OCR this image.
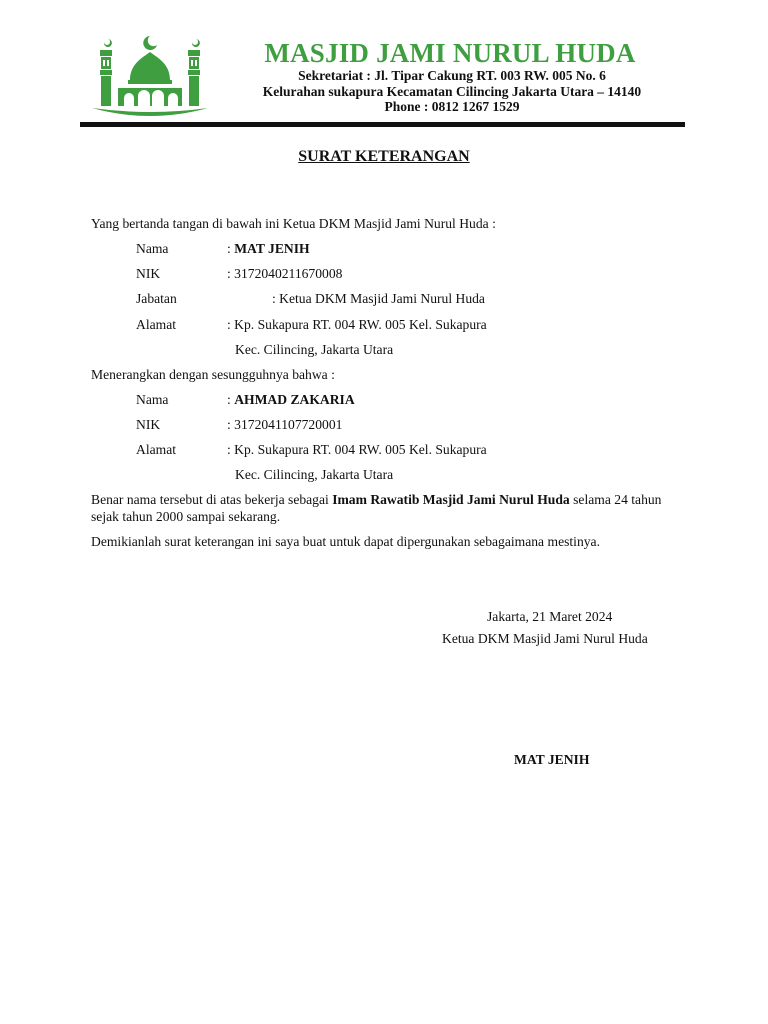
MASJID JAMI NURUL HUDA
Sekretariat : Jl. Tipar Cakung RT. 003 RW. 005 No. 6
Kelurahan sukapura Kecamatan Cilincing Jakarta Utara – 14140
Phone : 0812 1267 1529
SURAT KETERANGAN
Yang bertanda tangan di bawah ini Ketua DKM Masjid Jami Nurul Huda :
Nama	: MAT JENIH
NIK	: 3172040211670008
Jabatan	: Ketua DKM Masjid Jami Nurul Huda
Alamat	: Kp. Sukapura RT. 004 RW. 005 Kel. Sukapura
Kec. Cilincing, Jakarta Utara
Menerangkan dengan sesungguhnya bahwa :
Nama	: AHMAD ZAKARIA
NIK	: 3172041107720001
Alamat	: Kp. Sukapura RT. 004 RW. 005 Kel. Sukapura
Kec. Cilincing, Jakarta Utara
Benar nama tersebut di atas bekerja sebagai Imam Rawatib Masjid Jami Nurul Huda selama 24 tahun sejak tahun 2000 sampai sekarang.
Demikianlah surat keterangan ini saya buat untuk dapat dipergunakan sebagaimana mestinya.
Jakarta, 21 Maret 2024
Ketua DKM Masjid Jami Nurul Huda
MAT JENIH
